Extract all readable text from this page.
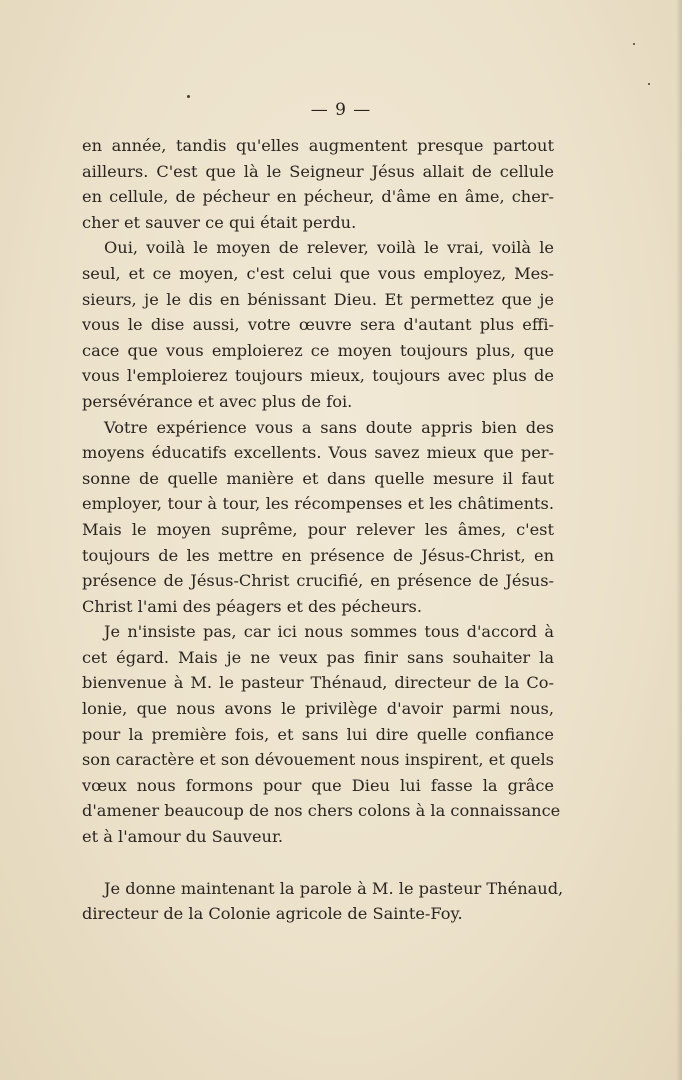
— 9 —
en année, tandis qu'elles augmentent presque partout
ailleurs. C'est que là le Seigneur Jésus allait de cellule
en cellule, de pécheur en pécheur, d'âme en âme, cher-
cher et sauver ce qui était perdu.
Oui, voilà le moyen de relever, voilà le vrai, voilà le
seul, et ce moyen, c'est celui que vous employez, Mes-
sieurs, je le dis en bénissant Dieu. Et permettez que je
vous le dise aussi, votre œuvre sera d'autant plus effi-
cace que vous emploierez ce moyen toujours plus, que
vous l'emploierez toujours mieux, toujours avec plus de
persévérance et avec plus de foi.
Votre expérience vous a sans doute appris bien des
moyens éducatifs excellents. Vous savez mieux que per-
sonne de quelle manière et dans quelle mesure il faut
employer, tour à tour, les récompenses et les châtiments.
Mais le moyen suprême, pour relever les âmes, c'est
toujours de les mettre en présence de Jésus-Christ, en
présence de Jésus-Christ crucifié, en présence de Jésus-
Christ l'ami des péagers et des pécheurs.
Je n'insiste pas, car ici nous sommes tous d'accord à
cet égard. Mais je ne veux pas finir sans souhaiter la
bienvenue à M. le pasteur Thénaud, directeur de la Co-
lonie, que nous avons le privilège d'avoir parmi nous,
pour la première fois, et sans lui dire quelle confiance
son caractère et son dévouement nous inspirent, et quels
vœux nous formons pour que Dieu lui fasse la grâce
d'amener beaucoup de nos chers colons à la connaissance
et à l'amour du Sauveur.
Je donne maintenant la parole à M. le pasteur Thénaud,
directeur de la Colonie agricole de Sainte-Foy.
